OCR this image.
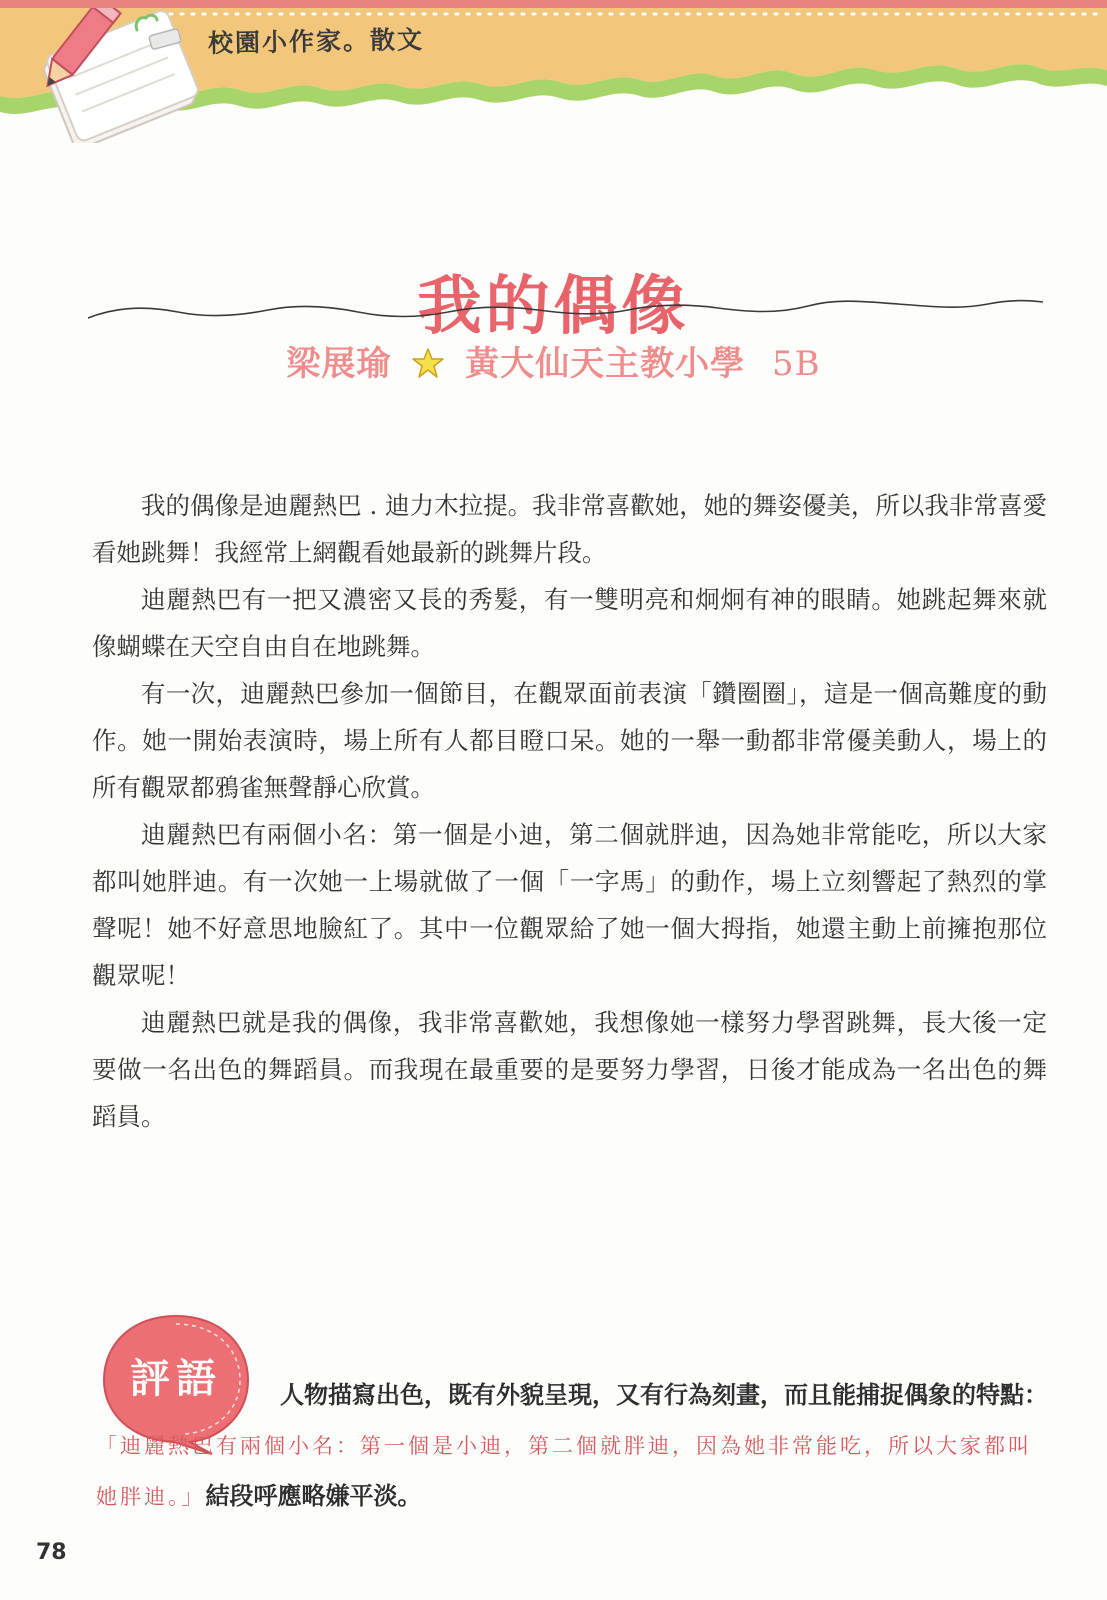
校園小作家。散文
我的偶像
梁展瑜 黃大仙天主教小學 5B

我的偶像是迪麗熱巴 . 迪力木拉提。我非常喜歡她，她的舞姿優美，所以我非常喜愛看她跳舞！我經常上網觀看她最新的跳舞片段。

迪麗熱巴有一把又濃密又長的秀髮，有一雙明亮和炯炯有神的眼睛。她跳起舞來就像蝴蝶在天空自由自在地跳舞。

有一次，迪麗熱巴參加一個節目，在觀眾面前表演「鑽圈圈」，這是一個高難度的動作。她一開始表演時，場上所有人都目瞪口呆。她的一舉一動都非常優美動人，場上的所有觀眾都鴉雀無聲靜心欣賞。

迪麗熱巴有兩個小名：第一個是小迪，第二個就胖迪，因為她非常能吃，所以大家都叫她胖迪。有一次她一上場就做了一個「一字馬」的動作，場上立刻響起了熱烈的掌聲呢！她不好意思地臉紅了。其中一位觀眾給了她一個大拇指，她還主動上前擁抱那位觀眾呢！

迪麗熱巴就是我的偶像，我非常喜歡她，我想像她一樣努力學習跳舞，長大後一定要做一名出色的舞蹈員。而我現在最重要的是要努力學習，日後才能成為一名出色的舞蹈員。

評語	人物描寫出色，既有外貌呈現，又有行為刻畫，而且能捕捉偶象的特點：「迪麗熱巴有兩個小名：第一個是小迪，第二個就胖迪，因為她非常能吃，所以大家都叫她胖迪。」結段呼應略嫌平淡。
78
